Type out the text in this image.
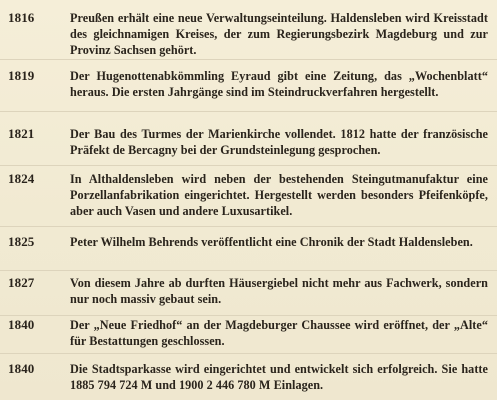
1816	Preußen erhält eine neue Verwaltungseinteilung. Haldensleben wird Kreisstadt des gleichnamigen Kreises, der zum Regierungsbezirk Magdeburg und zur Provinz Sachsen gehört.
1819	Der Hugenottenabkömmling Eyraud gibt eine Zeitung, das „Wochenblatt“ heraus. Die ersten Jahrgänge sind im Steindruckverfahren hergestellt.
1821	Der Bau des Turmes der Marienkirche vollendet. 1812 hatte der französische Präfekt de Bercagny bei der Grundsteinlegung gesprochen.
1824	In Althaldensleben wird neben der bestehenden Steingutmanufaktur eine Porzellanfabrikation eingerichtet. Hergestellt werden besonders Pfeifenköpfe, aber auch Vasen und andere Luxusartikel.
1825	Peter Wilhelm Behrends veröffentlicht eine Chronik der Stadt Haldensleben.
1827	Von diesem Jahre ab durften Häusergiebel nicht mehr aus Fachwerk, sondern nur noch massiv gebaut sein.
1840	Der „Neue Friedhof“ an der Magdeburger Chaussee wird eröffnet, der „Alte“ für Bestattungen geschlossen.
1840	Die Stadtsparkasse wird eingerichtet und entwickelt sich erfolgreich. Sie hatte 1885 794 724 M und 1900 2 446 780 M Einlagen.
